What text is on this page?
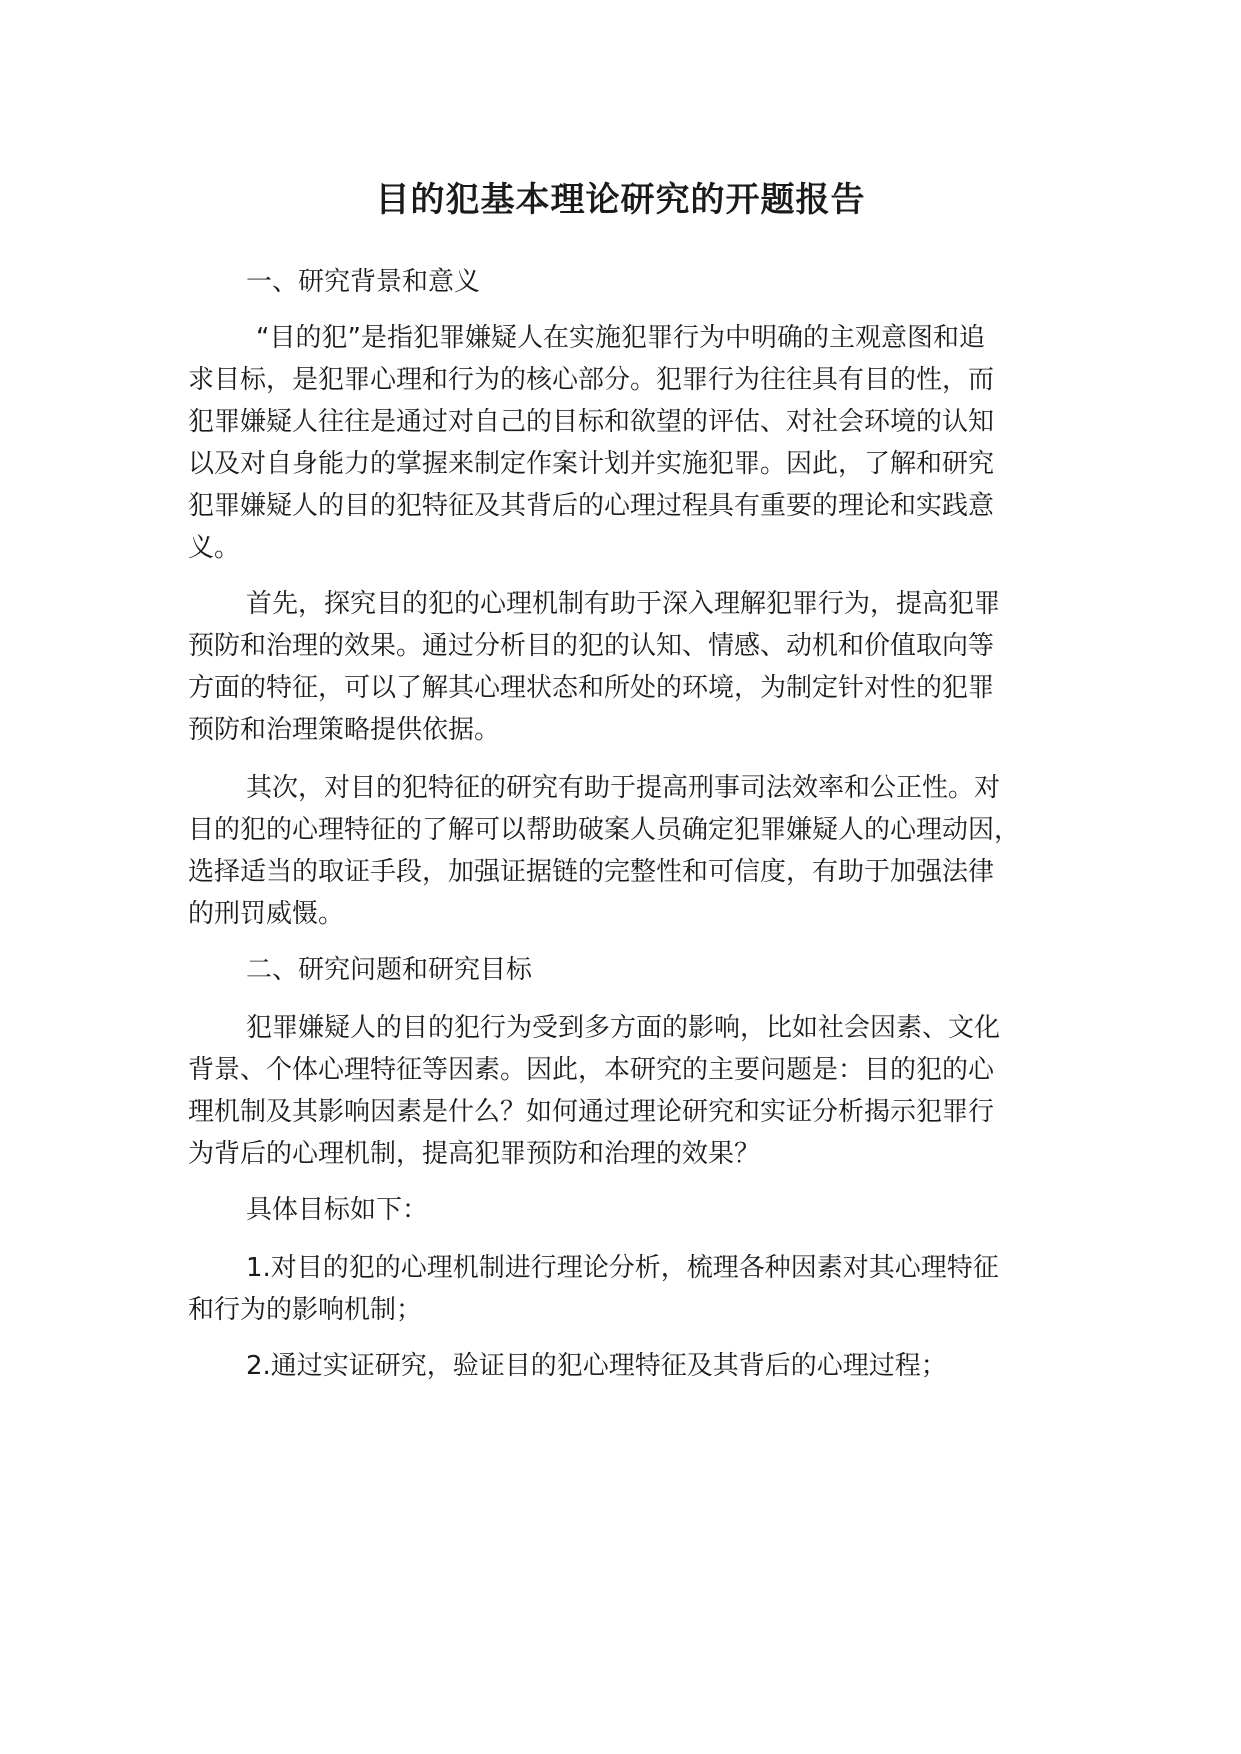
目的犯基本理论研究的开题报告

一、研究背景和意义

“目的犯”是指犯罪嫌疑人在实施犯罪行为中明确的主观意图和追

求目标，是犯罪心理和行为的核心部分。犯罪行为往往具有目的性，而

犯罪嫌疑人往往是通过对自己的目标和欲望的评估、对社会环境的认知

以及对自身能力的掌握来制定作案计划并实施犯罪。因此，了解和研究

犯罪嫌疑人的目的犯特征及其背后的心理过程具有重要的理论和实践意

义。

首先，探究目的犯的心理机制有助于深入理解犯罪行为，提高犯罪

预防和治理的效果。通过分析目的犯的认知、情感、动机和价值取向等

方面的特征，可以了解其心理状态和所处的环境，为制定针对性的犯罪

预防和治理策略提供依据。

其次，对目的犯特征的研究有助于提高刑事司法效率和公正性。对

目的犯的心理特征的了解可以帮助破案人员确定犯罪嫌疑人的心理动因，

选择适当的取证手段，加强证据链的完整性和可信度，有助于加强法律

的刑罚威慑。

二、研究问题和研究目标

犯罪嫌疑人的目的犯行为受到多方面的影响，比如社会因素、文化

背景、个体心理特征等因素。因此，本研究的主要问题是：目的犯的心

理机制及其影响因素是什么？如何通过理论研究和实证分析揭示犯罪行

为背后的心理机制，提高犯罪预防和治理的效果？

具体目标如下：

1.对目的犯的心理机制进行理论分析，梳理各种因素对其心理特征

和行为的影响机制；

2.通过实证研究，验证目的犯心理特征及其背后的心理过程；
